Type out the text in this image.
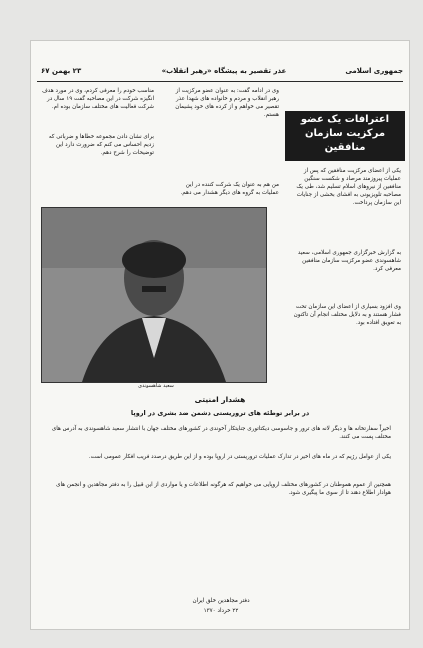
جمهوری اسلامی
عذر تقصیر به پیشگاه «رهبر انقلاب»
۲۳ بهمن ۶۷
اعترافات یک عضو
مرکزیت سازمان منافقین
یکی از اعضای مرکزیت منافقین که پس از عملیات پیروزمند مرصاد و شکست سنگین منافقین از نیروهای اسلام تسلیم شد، طی یک مصاحبه تلویزیونی به افشای بخشی از جنایات این سازمان پرداخت.
به گزارش خبرگزاری جمهوری اسلامی، سعید شاهسوندی عضو مرکزیت سازمان منافقین معرفی کرد.
وی افزود بسیاری از اعضای این سازمان تحت فشار هستند و به دلایل مختلف انجام آن تاکنون به تعویق افتاده بود.
وی در ادامه گفت: به عنوان عضو مرکزیت از رهبر انقلاب و مردم و خانواده های شهدا عذر تقصیر می خواهم و از کرده های خود پشیمان هستم.
من هم به عنوان یک شرکت کننده در این عملیات به گروه های دیگر هشدار می دهم.
مناسب خودم را معرفی کردم، وی در مورد هدف انگیزه شرکت در این مصاحبه گفت ۱۹ سال در شرکت فعالیت های مختلف سازمان بوده ام.
برای نشان دادن مجموعه خطاها و ضرباتی که زدیم احساس می کنم که ضرورت دارد این توضیحات را شرح دهم.
سعید شاهسوندی
هشدار امنیتی
در برابر توطئه های تروریستی دشمن ضد بشری در اروپا
اخیراً سفارتخانه ها و دیگر لانه های ترور و جاسوسی دیکتاتوری جنایتکار آخوندی در کشورهای مختلف جهان با انتشار سعید شاهسوندی به آدرس های مختلف پست می کنند.
یکی از عوامل رژیم که در ماه های اخیر در تدارک عملیات تروریستی در اروپا بوده و از این طریق درصدد فریب افکار عمومی است.
همچنین از عموم هموطنان در کشورهای مختلف اروپایی می خواهیم که هرگونه اطلاعات و یا مواردی از این قبیل را به دفتر مجاهدین و انجمن های هوادار اطلاع دهند تا از سوی ما پیگیری شود.
دفتر مجاهدین خلق ایران
۲۲ خرداد ۱۳۷۰
